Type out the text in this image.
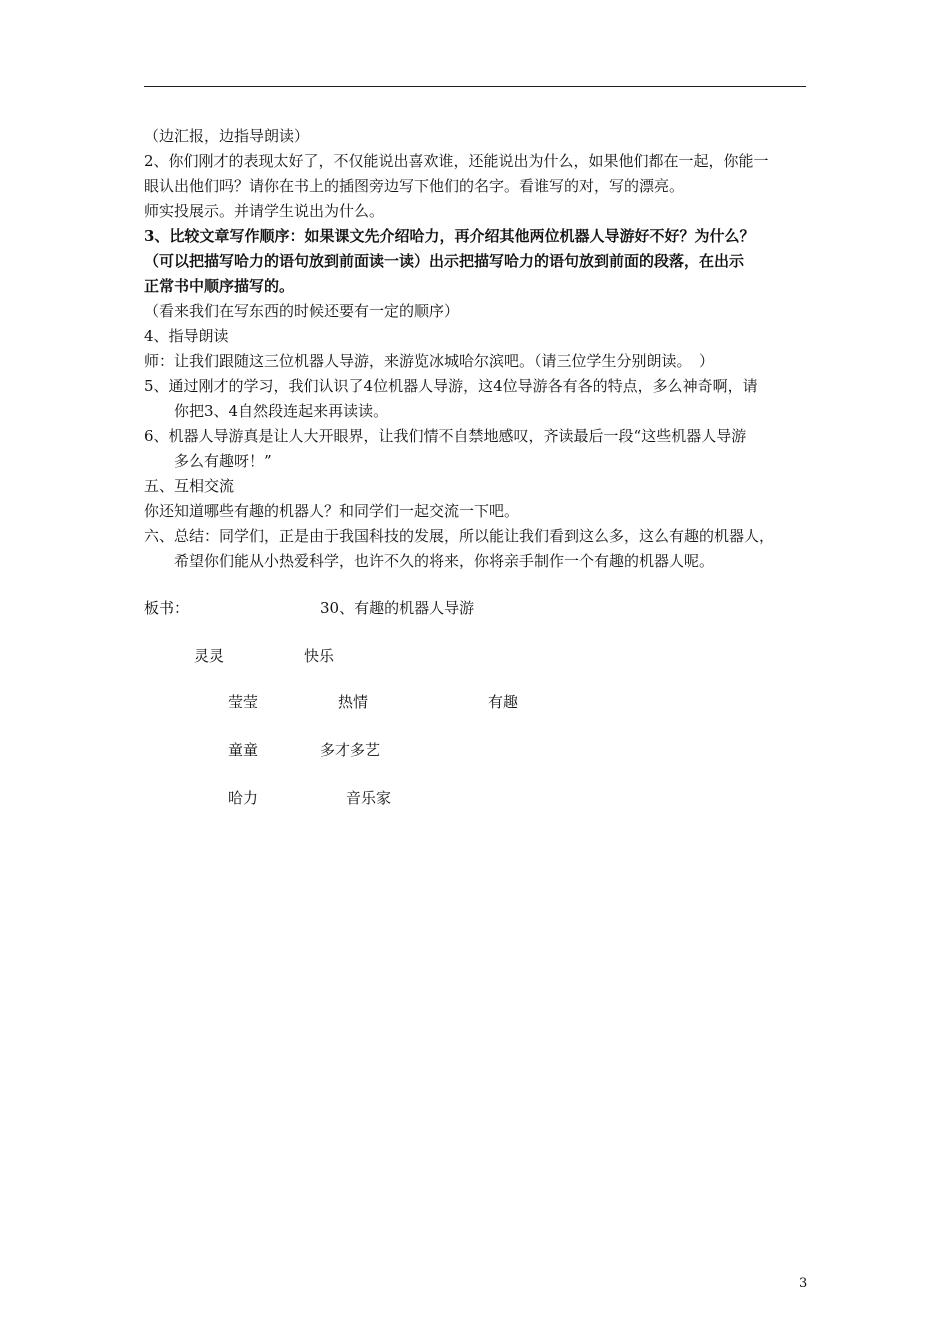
（边汇报，边指导朗读）
2、你们刚才的表现太好了，不仅能说出喜欢谁，还能说出为什么，如果他们都在一起，你能一
眼认出他们吗？请你在书上的插图旁边写下他们的名字。看谁写的对，写的漂亮。
师实投展示。并请学生说出为什么。
3、比较文章写作顺序：如果课文先介绍哈力，再介绍其他两位机器人导游好不好？为什么？
（可以把描写哈力的语句放到前面读一读）出示把描写哈力的语句放到前面的段落，在出示
正常书中顺序描写的。
（看来我们在写东西的时候还要有一定的顺序）
4、指导朗读
师：让我们跟随这三位机器人导游，来游览冰城哈尔滨吧。（请三位学生分别朗读。　）
5、通过刚才的学习，我们认识了4位机器人导游，这4位导游各有各的特点，多么神奇啊，请
你把3、4自然段连起来再读读。
6、机器人导游真是让人大开眼界，让我们情不自禁地感叹，齐读最后一段“这些机器人导游
多么有趣呀！”
五、互相交流
你还知道哪些有趣的机器人？和同学们一起交流一下吧。
六、总结：同学们，正是由于我国科技的发展，所以能让我们看到这么多，这么有趣的机器人，
希望你们能从小热爱科学，也许不久的将来，你将亲手制作一个有趣的机器人呢。
板书：	30、有趣的机器人导游
灵灵	快乐
莹莹	热情	有趣
童童	多才多艺
哈力	音乐家
3
